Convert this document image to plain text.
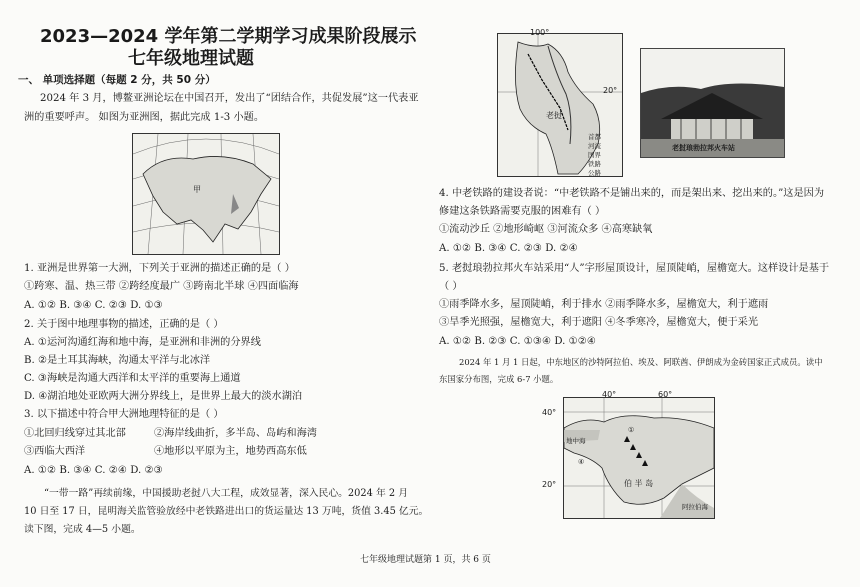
2023—2024 学年第二学期学习成果阶段展示
七年级地理试题
一、 单项选择题（每题 2 分，共 50 分）
2024 年 3 月，博鳌亚洲论坛在中国召开，发出了“团结合作，共促发展”这一代表亚
洲的重要呼声。 如图为亚洲图，据此完成 1-3 小题。
甲
1. 亚洲是世界第一大洲，下列关于亚洲的描述正确的是（ ）
①跨寒、温、热三带 ②跨经度最广 ③跨南北半球 ④四面临海
A. ①② B. ③④ C. ②③ D. ①③
2. 关于图中地理事物的描述，正确的是（ ）
A. ①运河沟通红海和地中海，是亚洲和非洲的分界线
B. ②是土耳其海峡，沟通太平洋与北冰洋
C. ③海峡是沟通大西洋和太平洋的重要海上通道
D. ④湖泊地处亚欧两大洲分界线上，是世界上最大的淡水湖泊
3. 以下描述中符合甲大洲地理特征的是（ ）
①北回归线穿过其北部	②海岸线曲折，多半岛、岛屿和海湾
③西临大西洋	④地形以平原为主，地势西高东低
A. ①② B. ③④ C. ②④ D. ②③
“一带一路”再续前缘，中国援助老挝八大工程，成效显著，深入民心。2024 年 2 月
10 日至 17 日，昆明海关监管验放经中老铁路进出口的货运量达 13 万吨，货值 3.45 亿元。
读下图，完成 4—5 小题。
100°
20°
老挝
首都
河流
国界
铁路
公路
老挝琅勃拉邦火车站
4. 中老铁路的建设者说：“中老铁路不是铺出来的，而是架出来、挖出来的。”这是因为
修建这条铁路需要克服的困难有（ ）
①流动沙丘 ②地形崎岖 ③河流众多 ④高寒缺氧
A. ①② B. ③④ C. ②③ D. ②④
5. 老挝琅勃拉邦火车站采用“人”字形屋顶设计，屋顶陡峭，屋檐宽大。这样设计是基于
（ ）
①雨季降水多，屋顶陡峭，利于排水 ②雨季降水多，屋檐宽大，利于遮雨
③旱季光照强，屋檐宽大，利于遮阳 ④冬季寒冷，屋檐宽大，便于采光
A. ①② B. ②③ C. ①③④ D. ①②④
2024 年 1 月 1 日起，中东地区的沙特阿拉伯、埃及、阿联酋、伊朗成为金砖国家正式成员。读中
东国家分布图，完成 6-7 小题。
①
④
40°	60°
40°
20°
地中海
伯 半 岛
阿拉伯海
七年级地理试题第 1 页，共 6 页
